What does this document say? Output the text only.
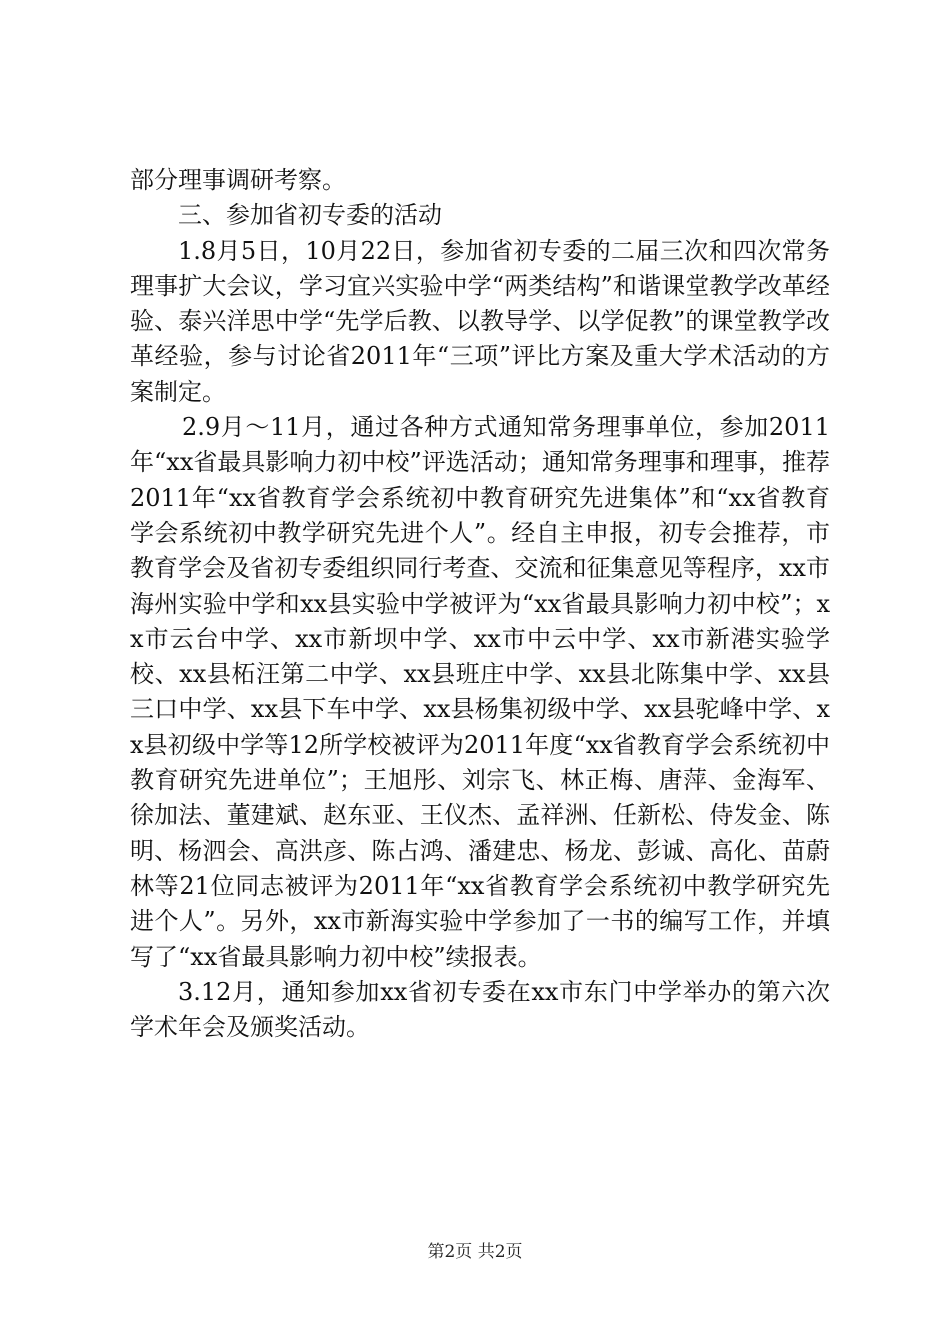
部分理事调研考察。

三、参加省初专委的活动

1.8月5日，10月22日，参加省初专委的二届三次和四次常务理事扩大会议，学习宜兴实验中学“两类结构”和谐课堂教学改革经验、泰兴洋思中学“先学后教、以教导学、以学促教”的课堂教学改革经验，参与讨论省2011年“三项”评比方案及重大学术活动的方案制定。

2.9月～11月，通过各种方式通知常务理事单位，参加2011年“xx省最具影响力初中校”评选活动；通知常务理事和理事，推荐2011年“xx省教育学会系统初中教育研究先进集体”和“xx省教育学会系统初中教学研究先进个人”。经自主申报，初专会推荐，市教育学会及省初专委组织同行考查、交流和征集意见等程序，xx市海州实验中学和xx县实验中学被评为“xx省最具影响力初中校”；xx市云台中学、xx市新坝中学、xx市中云中学、xx市新港实验学校、xx县柘汪第二中学、xx县班庄中学、xx县北陈集中学、xx县三口中学、xx县下车中学、xx县杨集初级中学、xx县驼峰中学、xx县初级中学等12所学校被评为2011年度“xx省教育学会系统初中教育研究先进单位”；王旭彤、刘宗飞、林正梅、唐萍、金海军、徐加法、董建斌、赵东亚、王仪杰、孟祥洲、任新松、侍发金、陈明、杨泗会、高洪彦、陈占鸿、潘建忠、杨龙、彭诚、高化、苗蔚林等21位同志被评为2011年“xx省教育学会系统初中教学研究先进个人”。另外，xx市新海实验中学参加了一书的编写工作，并填写了“xx省最具影响力初中校”续报表。

3.12月，通知参加xx省初专委在xx市东门中学举办的第六次学术年会及颁奖活动。

第2页 共2页
